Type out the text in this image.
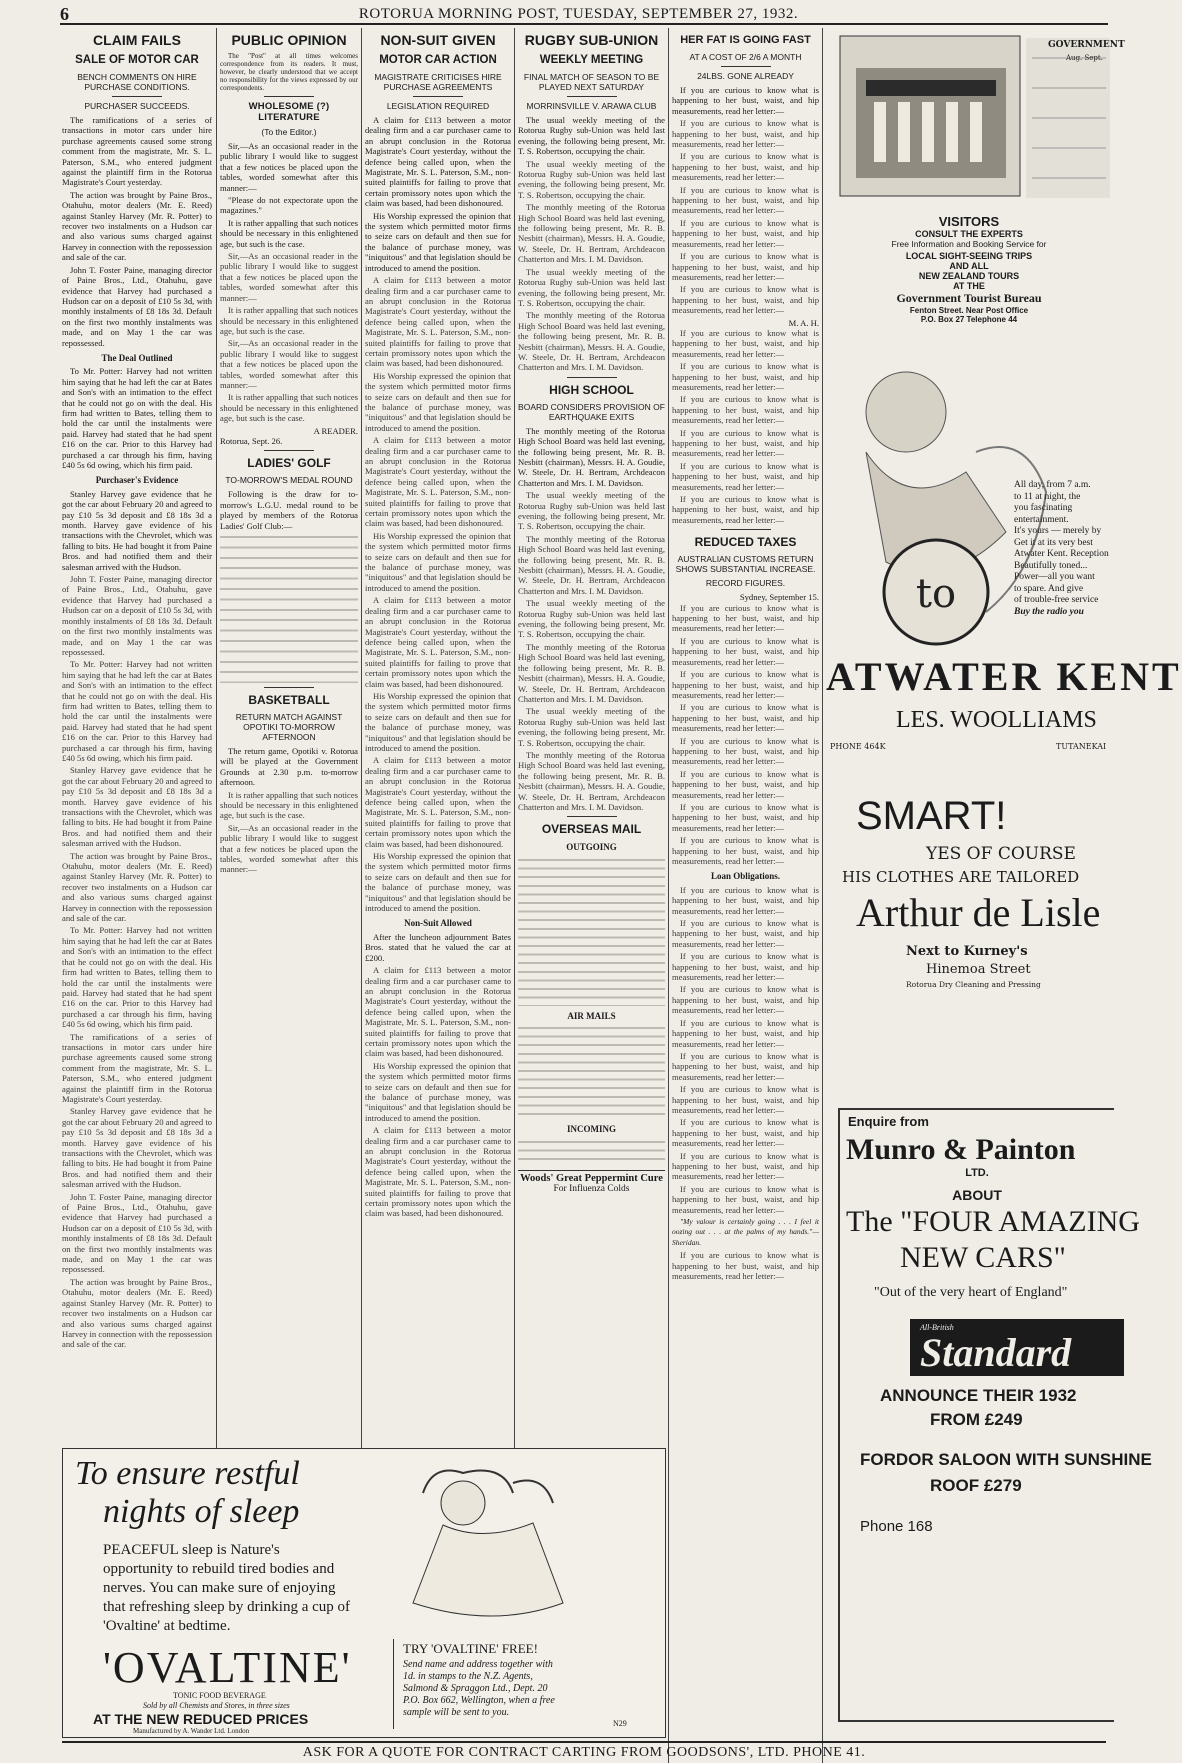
6	ROTORUA MORNING POST, TUESDAY, SEPTEMBER 27, 1932.
CLAIM FAILS
SALE OF MOTOR CAR
BENCH COMMENTS ON HIRE PURCHASE CONDITIONS.
PURCHASER SUCCEEDS.

The ramifications of a series of transactions in motor cars under hire purchase agreements caused some strong comment from the magistrate, Mr. S. L. Paterson, S.M., who entered judgment against the plaintiff firm in the Rotorua Magistrate's Court yesterday.

The action was brought by Paine Bros., Otahuhu, motor dealers (Mr. E. Reed) against Stanley Harvey (Mr. R. Potter) to recover two instalments on a Hudson car and also various sums charged against Harvey in connection with the repossession and sale of the car.

John T. Foster Paine, managing director of Paine Bros., Ltd., Otahuhu, gave evidence that Harvey had purchased a Hudson car on a deposit of £10 5s 3d, with monthly instalments of £8 18s 3d. Default on the first two monthly instalments was made, and on May 1 the car was repossessed.

The Deal Outlined

To Mr. Potter: Harvey had not written him saying that he had left the car at Bates and Son's with an intimation to the effect that he could not go on with the deal. His firm had written to Bates, telling them to hold the car until the instalments were paid. Harvey had stated that he had spent £16 on the car. Prior to this Harvey had purchased a car through his firm, having £40 5s 6d owing, which his firm paid.

Purchaser's Evidence

Stanley Harvey gave evidence that he got the car about February 20 and agreed to pay £10 5s 3d deposit and £8 18s 3d a month. Harvey gave evidence of his transactions with the Chevrolet, which was falling to bits. He had bought it from Paine Bros. and had notified them and their salesman arrived with the Hudson.

John T. Foster Paine, managing director of Paine Bros., Ltd., Otahuhu, gave evidence that Harvey had purchased a Hudson car on a deposit of £10 5s 3d, with monthly instalments of £8 18s 3d. Default on the first two monthly instalments was made, and on May 1 the car was repossessed.

To Mr. Potter: Harvey had not written him saying that he had left the car at Bates and Son's with an intimation to the effect that he could not go on with the deal. His firm had written to Bates, telling them to hold the car until the instalments were paid. Harvey had stated that he had spent £16 on the car. Prior to this Harvey had purchased a car through his firm, having £40 5s 6d owing, which his firm paid.

Stanley Harvey gave evidence that he got the car about February 20 and agreed to pay £10 5s 3d deposit and £8 18s 3d a month. Harvey gave evidence of his transactions with the Chevrolet, which was falling to bits. He had bought it from Paine Bros. and had notified them and their salesman arrived with the Hudson.

The action was brought by Paine Bros., Otahuhu, motor dealers (Mr. E. Reed) against Stanley Harvey (Mr. R. Potter) to recover two instalments on a Hudson car and also various sums charged against Harvey in connection with the repossession and sale of the car.

To Mr. Potter: Harvey had not written him saying that he had left the car at Bates and Son's with an intimation to the effect that he could not go on with the deal. His firm had written to Bates, telling them to hold the car until the instalments were paid. Harvey had stated that he had spent £16 on the car. Prior to this Harvey had purchased a car through his firm, having £40 5s 6d owing, which his firm paid.

The ramifications of a series of transactions in motor cars under hire purchase agreements caused some strong comment from the magistrate, Mr. S. L. Paterson, S.M., who entered judgment against the plaintiff firm in the Rotorua Magistrate's Court yesterday.

Stanley Harvey gave evidence that he got the car about February 20 and agreed to pay £10 5s 3d deposit and £8 18s 3d a month. Harvey gave evidence of his transactions with the Chevrolet, which was falling to bits. He had bought it from Paine Bros. and had notified them and their salesman arrived with the Hudson.

John T. Foster Paine, managing director of Paine Bros., Ltd., Otahuhu, gave evidence that Harvey had purchased a Hudson car on a deposit of £10 5s 3d, with monthly instalments of £8 18s 3d. Default on the first two monthly instalments was made, and on May 1 the car was repossessed.

The action was brought by Paine Bros., Otahuhu, motor dealers (Mr. E. Reed) against Stanley Harvey (Mr. R. Potter) to recover two instalments on a Hudson car and also various sums charged against Harvey in connection with the repossession and sale of the car.

PUBLIC OPINION

The "Post" at all times welcomes correspondence from its readers. It must, however, be clearly understood that we accept no responsibility for the views expressed by our correspondents.

WHOLESOME (?) LITERATURE
(To the Editor.)

Sir,—As an occasional reader in the public library I would like to suggest that a few notices be placed upon the tables, worded somewhat after this manner:—

"Please do not expectorate upon the magazines."

It is rather appalling that such notices should be necessary in this enlightened age, but such is the case.

Sir,—As an occasional reader in the public library I would like to suggest that a few notices be placed upon the tables, worded somewhat after this manner:—

It is rather appalling that such notices should be necessary in this enlightened age, but such is the case.

Sir,—As an occasional reader in the public library I would like to suggest that a few notices be placed upon the tables, worded somewhat after this manner:—

It is rather appalling that such notices should be necessary in this enlightened age, but such is the case.

A READER.
Rotorua, Sept. 26.
LADIES' GOLF
TO-MORROW'S MEDAL ROUND

Following is the draw for to-morrow's L.G.U. medal round to be played by members of the Rotorua Ladies' Golf Club:—

BASKETBALL
RETURN MATCH AGAINST OPOTIKI TO-MORROW AFTERNOON

The return game, Opotiki v. Rotorua will be played at the Government Grounds at 2.30 p.m. to-morrow afternoon.

It is rather appalling that such notices should be necessary in this enlightened age, but such is the case.

Sir,—As an occasional reader in the public library I would like to suggest that a few notices be placed upon the tables, worded somewhat after this manner:—

NON-SUIT GIVEN
MOTOR CAR ACTION
MAGISTRATE CRITICISES HIRE PURCHASE AGREEMENTS
LEGISLATION REQUIRED

A claim for £113 between a motor dealing firm and a car purchaser came to an abrupt conclusion in the Rotorua Magistrate's Court yesterday, without the defence being called upon, when the Magistrate, Mr. S. L. Paterson, S.M., non-suited plaintiffs for failing to prove that certain promissory notes upon which the claim was based, had been dishonoured.

His Worship expressed the opinion that the system which permitted motor firms to seize cars on default and then sue for the balance of purchase money, was "iniquitous" and that legislation should be introduced to amend the position.

A claim for £113 between a motor dealing firm and a car purchaser came to an abrupt conclusion in the Rotorua Magistrate's Court yesterday, without the defence being called upon, when the Magistrate, Mr. S. L. Paterson, S.M., non-suited plaintiffs for failing to prove that certain promissory notes upon which the claim was based, had been dishonoured.

His Worship expressed the opinion that the system which permitted motor firms to seize cars on default and then sue for the balance of purchase money, was "iniquitous" and that legislation should be introduced to amend the position.

A claim for £113 between a motor dealing firm and a car purchaser came to an abrupt conclusion in the Rotorua Magistrate's Court yesterday, without the defence being called upon, when the Magistrate, Mr. S. L. Paterson, S.M., non-suited plaintiffs for failing to prove that certain promissory notes upon which the claim was based, had been dishonoured.

His Worship expressed the opinion that the system which permitted motor firms to seize cars on default and then sue for the balance of purchase money, was "iniquitous" and that legislation should be introduced to amend the position.

A claim for £113 between a motor dealing firm and a car purchaser came to an abrupt conclusion in the Rotorua Magistrate's Court yesterday, without the defence being called upon, when the Magistrate, Mr. S. L. Paterson, S.M., non-suited plaintiffs for failing to prove that certain promissory notes upon which the claim was based, had been dishonoured.

His Worship expressed the opinion that the system which permitted motor firms to seize cars on default and then sue for the balance of purchase money, was "iniquitous" and that legislation should be introduced to amend the position.

A claim for £113 between a motor dealing firm and a car purchaser came to an abrupt conclusion in the Rotorua Magistrate's Court yesterday, without the defence being called upon, when the Magistrate, Mr. S. L. Paterson, S.M., non-suited plaintiffs for failing to prove that certain promissory notes upon which the claim was based, had been dishonoured.

His Worship expressed the opinion that the system which permitted motor firms to seize cars on default and then sue for the balance of purchase money, was "iniquitous" and that legislation should be introduced to amend the position.

Non-Suit Allowed

After the luncheon adjournment Bates Bros. stated that he valued the car at £200.

A claim for £113 between a motor dealing firm and a car purchaser came to an abrupt conclusion in the Rotorua Magistrate's Court yesterday, without the defence being called upon, when the Magistrate, Mr. S. L. Paterson, S.M., non-suited plaintiffs for failing to prove that certain promissory notes upon which the claim was based, had been dishonoured.

His Worship expressed the opinion that the system which permitted motor firms to seize cars on default and then sue for the balance of purchase money, was "iniquitous" and that legislation should be introduced to amend the position.

A claim for £113 between a motor dealing firm and a car purchaser came to an abrupt conclusion in the Rotorua Magistrate's Court yesterday, without the defence being called upon, when the Magistrate, Mr. S. L. Paterson, S.M., non-suited plaintiffs for failing to prove that certain promissory notes upon which the claim was based, had been dishonoured.

RUGBY SUB-UNION
WEEKLY MEETING
FINAL MATCH OF SEASON TO BE PLAYED NEXT SATURDAY
MORRINSVILLE V. ARAWA CLUB

The usual weekly meeting of the Rotorua Rugby sub-Union was held last evening, the following being present, Mr. T. S. Robertson, occupying the chair.

The usual weekly meeting of the Rotorua Rugby sub-Union was held last evening, the following being present, Mr. T. S. Robertson, occupying the chair.

The monthly meeting of the Rotorua High School Board was held last evening, the following being present, Mr. R. B. Nesbitt (chairman), Messrs. H. A. Goudie, W. Steele, Dr. H. Bertram, Archdeacon Chatterton and Mrs. I. M. Davidson.

The usual weekly meeting of the Rotorua Rugby sub-Union was held last evening, the following being present, Mr. T. S. Robertson, occupying the chair.

The monthly meeting of the Rotorua High School Board was held last evening, the following being present, Mr. R. B. Nesbitt (chairman), Messrs. H. A. Goudie, W. Steele, Dr. H. Bertram, Archdeacon Chatterton and Mrs. I. M. Davidson.

HIGH SCHOOL
BOARD CONSIDERS PROVISION OF EARTHQUAKE EXITS

The monthly meeting of the Rotorua High School Board was held last evening, the following being present, Mr. R. B. Nesbitt (chairman), Messrs. H. A. Goudie, W. Steele, Dr. H. Bertram, Archdeacon Chatterton and Mrs. I. M. Davidson.

The usual weekly meeting of the Rotorua Rugby sub-Union was held last evening, the following being present, Mr. T. S. Robertson, occupying the chair.

The monthly meeting of the Rotorua High School Board was held last evening, the following being present, Mr. R. B. Nesbitt (chairman), Messrs. H. A. Goudie, W. Steele, Dr. H. Bertram, Archdeacon Chatterton and Mrs. I. M. Davidson.

The usual weekly meeting of the Rotorua Rugby sub-Union was held last evening, the following being present, Mr. T. S. Robertson, occupying the chair.

The monthly meeting of the Rotorua High School Board was held last evening, the following being present, Mr. R. B. Nesbitt (chairman), Messrs. H. A. Goudie, W. Steele, Dr. H. Bertram, Archdeacon Chatterton and Mrs. I. M. Davidson.

The usual weekly meeting of the Rotorua Rugby sub-Union was held last evening, the following being present, Mr. T. S. Robertson, occupying the chair.

The monthly meeting of the Rotorua High School Board was held last evening, the following being present, Mr. R. B. Nesbitt (chairman), Messrs. H. A. Goudie, W. Steele, Dr. H. Bertram, Archdeacon Chatterton and Mrs. I. M. Davidson.

OVERSEAS MAIL
OUTGOING
AIR MAILS
INCOMING
Woods' Great Peppermint Cure
For Influenza Colds
HER FAT IS GOING FAST
AT A COST OF 2/6 A MONTH
24LBS. GONE ALREADY

If you are curious to know what is happening to her bust, waist, and hip measurements, read her letter:—

If you are curious to know what is happening to her bust, waist, and hip measurements, read her letter:—

If you are curious to know what is happening to her bust, waist, and hip measurements, read her letter:—

If you are curious to know what is happening to her bust, waist, and hip measurements, read her letter:—

If you are curious to know what is happening to her bust, waist, and hip measurements, read her letter:—

If you are curious to know what is happening to her bust, waist, and hip measurements, read her letter:—

If you are curious to know what is happening to her bust, waist, and hip measurements, read her letter:—

M. A. H.

If you are curious to know what is happening to her bust, waist, and hip measurements, read her letter:—

If you are curious to know what is happening to her bust, waist, and hip measurements, read her letter:—

If you are curious to know what is happening to her bust, waist, and hip measurements, read her letter:—

If you are curious to know what is happening to her bust, waist, and hip measurements, read her letter:—

If you are curious to know what is happening to her bust, waist, and hip measurements, read her letter:—

If you are curious to know what is happening to her bust, waist, and hip measurements, read her letter:—

REDUCED TAXES
AUSTRALIAN CUSTOMS RETURN SHOWS SUBSTANTIAL INCREASE.
RECORD FIGURES.
Sydney, September 15.

If you are curious to know what is happening to her bust, waist, and hip measurements, read her letter:—

If you are curious to know what is happening to her bust, waist, and hip measurements, read her letter:—

If you are curious to know what is happening to her bust, waist, and hip measurements, read her letter:—

If you are curious to know what is happening to her bust, waist, and hip measurements, read her letter:—

If you are curious to know what is happening to her bust, waist, and hip measurements, read her letter:—

If you are curious to know what is happening to her bust, waist, and hip measurements, read her letter:—

If you are curious to know what is happening to her bust, waist, and hip measurements, read her letter:—

If you are curious to know what is happening to her bust, waist, and hip measurements, read her letter:—

Loan Obligations.

If you are curious to know what is happening to her bust, waist, and hip measurements, read her letter:—

If you are curious to know what is happening to her bust, waist, and hip measurements, read her letter:—

If you are curious to know what is happening to her bust, waist, and hip measurements, read her letter:—

If you are curious to know what is happening to her bust, waist, and hip measurements, read her letter:—

If you are curious to know what is happening to her bust, waist, and hip measurements, read her letter:—

If you are curious to know what is happening to her bust, waist, and hip measurements, read her letter:—

If you are curious to know what is happening to her bust, waist, and hip measurements, read her letter:—

If you are curious to know what is happening to her bust, waist, and hip measurements, read her letter:—

If you are curious to know what is happening to her bust, waist, and hip measurements, read her letter:—

If you are curious to know what is happening to her bust, waist, and hip measurements, read her letter:—

"My valour is certainly going . . . I feel it oozing out . . . at the palms of my hands."—Sheridan.

If you are curious to know what is happening to her bust, waist, and hip measurements, read her letter:—

GOVERNMENT
Aug. Sept.
VISITORS
CONSULT THE EXPERTS
Free Information and Booking Service for
LOCAL SIGHT-SEEING TRIPS
AND ALL
NEW ZEALAND TOURS
AT THE
Government Tourist Bureau
Fenton Street. Near Post Office
P.O. Box 27 Telephone 44
to
All day, from 7 a.m.
to 11 at night, the
you fascinating entertainment.
It's yours — merely by
Get it at its very best
Atwater Kent. Reception
Beautifully toned...
Power—all you want
to spare. And give
of trouble-free service
Buy the radio you
ATWATER KENT
LES. WOOLLIAMS
PHONE 464K	TUTANEKAI
SMART!
YES OF COURSE
HIS CLOTHES ARE TAILORED
Arthur de Lisle
Next to Kurney's
Hinemoa Street
Rotorua Dry Cleaning and Pressing
Enquire from
Munro & Painton
LTD.
ABOUT
The "FOUR AMAZING
NEW CARS"
"Out of the very heart of England"
All-British
Standard
ANNOUNCE THEIR 1932
FROM £249
FORDOR SALOON WITH SUNSHINE
ROOF £279
Phone 168
To ensure restful
nights of sleep
PEACEFUL sleep is Nature's opportunity to rebuild tired bodies and nerves. You can make sure of enjoying that refreshing sleep by drinking a cup of 'Ovaltine' at bedtime.
'OVALTINE'
TONIC FOOD BEVERAGE
Sold by all Chemists and Stores, in three sizes
AT THE NEW REDUCED PRICES
Manufactured by A. Wander Ltd. London
TRY 'OVALTINE' FREE!
Send name and address together with 1d. in stamps to the N.Z. Agents, Salmond & Spraggon Ltd., Dept. 20 P.O. Box 662, Wellington, when a free sample will be sent to you.
N29
ASK FOR A QUOTE FOR CONTRACT CARTING FROM GOODSONS', LTD. PHONE 41.
